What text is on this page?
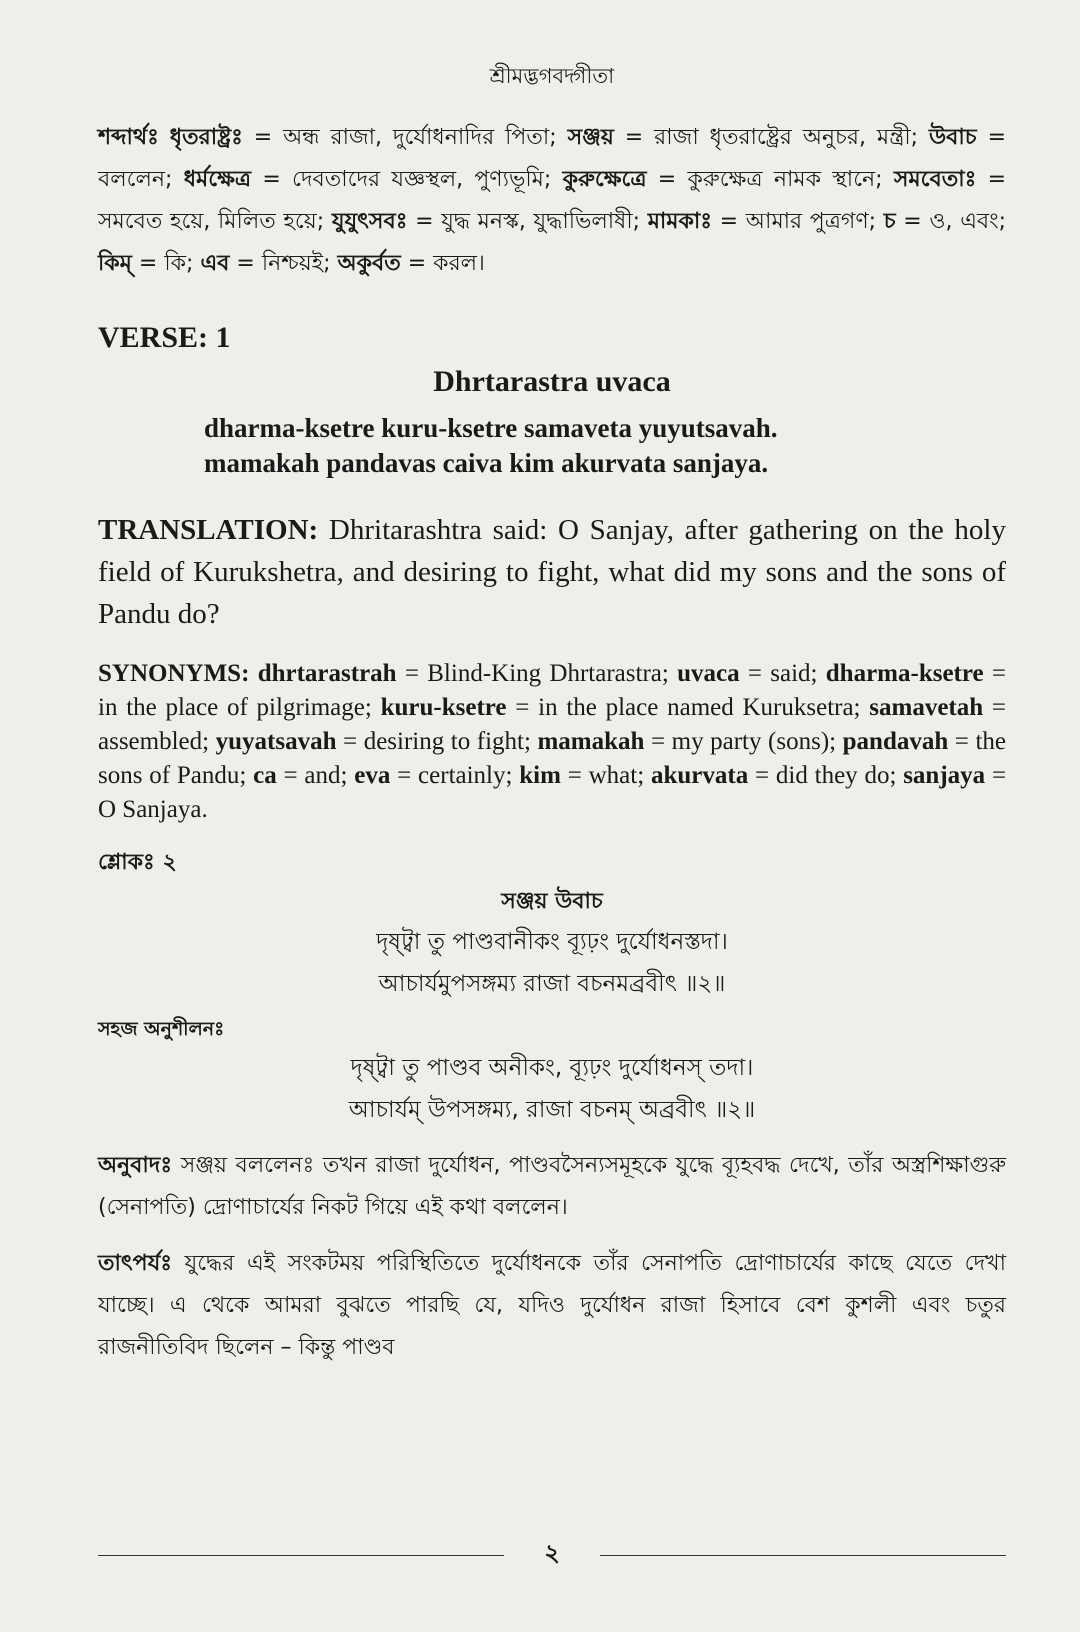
শ্রীমদ্ভগবদ্গীতা
শব্দার্থঃ ধৃতরাষ্ট্রঃ = অন্ধ রাজা, দুর্যোধনাদির পিতা; সঞ্জয় = রাজা ধৃতরাষ্ট্রের অনুচর, মন্ত্রী; উবাচ = বললেন; ধর্মক্ষেত্র = দেবতাদের যজ্ঞস্থল, পুণ্যভূমি; কুরুক্ষেত্রে = কুরুক্ষেত্র নামক স্থানে; সমবেতাঃ = সমবেত হয়ে, মিলিত হয়ে; যুযুৎসবঃ = যুদ্ধ মনস্ক, যুদ্ধাভিলাষী; মামকাঃ = আমার পুত্রগণ; চ = ও, এবং; কিম্ = কি; এব = নিশ্চয়ই; অকুর্বত = করল।
VERSE: 1
Dhrtarastra uvaca
dharma-ksetre kuru-ksetre samaveta yuyutsavah.
mamakah pandavas caiva kim akurvata sanjaya.
TRANSLATION: Dhritarashtra said: O Sanjay, after gathering on the holy field of Kurukshetra, and desiring to fight, what did my sons and the sons of Pandu do?
SYNONYMS: dhrtarastrah = Blind-King Dhrtarastra; uvaca = said; dharma-ksetre = in the place of pilgrimage; kuru-ksetre = in the place named Kuruksetra; samavetah = assembled; yuyatsavah = desiring to fight; mamakah = my party (sons); pandavah = the sons of Pandu; ca = and; eva = certainly; kim = what; akurvata = did they do; sanjaya = O Sanjaya.
শ্লোকঃ ২
সঞ্জয় উবাচ
দৃষ্ট্বা তু পাণ্ডবানীকং ব্যূঢ়ং দুর্যোধনস্তদা।
আচার্যমুপসঙ্গম্য রাজা বচনমব্রবীৎ ॥২॥
সহজ অনুশীলনঃ
দৃষ্ট্বা তু পাণ্ডব অনীকং, ব্যূঢ়ং দুর্যোধনস্ তদা।
আচার্যম্ উপসঙ্গম্য, রাজা বচনম্ অব্রবীৎ ॥২॥
অনুবাদঃ সঞ্জয় বললেনঃ তখন রাজা দুর্যোধন, পাণ্ডবসৈন্যসমূহকে যুদ্ধে ব্যূহবদ্ধ দেখে, তাঁর অস্ত্রশিক্ষাগুরু (সেনাপতি) দ্রোণাচার্যের নিকট গিয়ে এই কথা বললেন।
তাৎপর্যঃ যুদ্ধের এই সংকটময় পরিস্থিতিতে দুর্যোধনকে তাঁর সেনাপতি দ্রোণাচার্যের কাছে যেতে দেখা যাচ্ছে। এ থেকে আমরা বুঝতে পারছি যে, যদিও দুর্যোধন রাজা হিসাবে বেশ কুশলী এবং চতুর রাজনীতিবিদ ছিলেন – কিন্তু পাণ্ডব
২
